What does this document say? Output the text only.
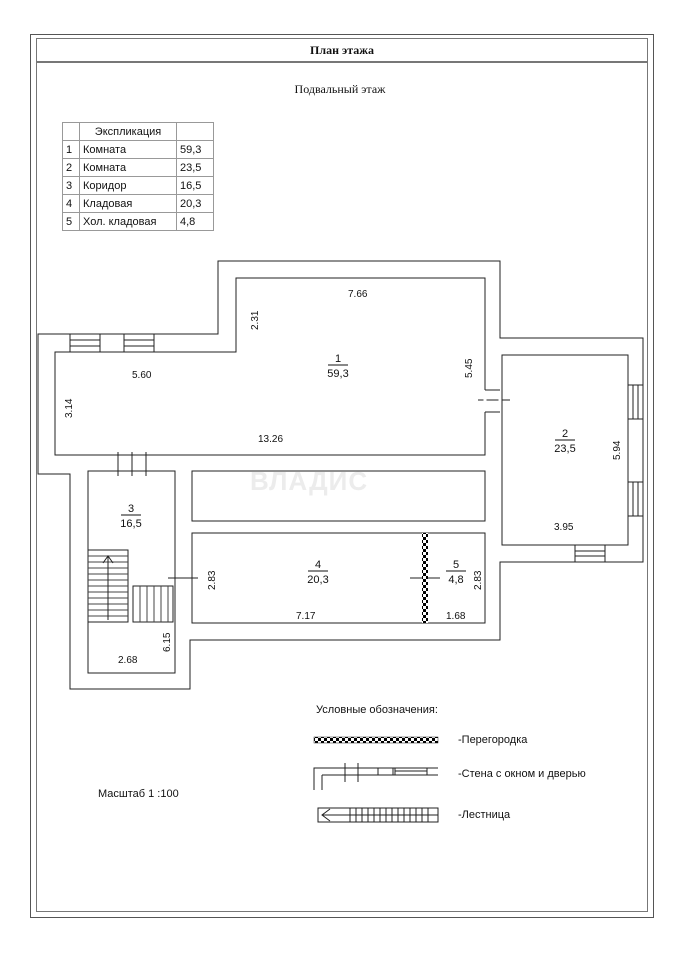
План этажа
Подвальный этаж
	Экспликация	
1	Комната	59,3
2	Комната	23,5
3	Коридор	16,5
4	Кладовая	20,3
5	Хол. кладовая	4,8
ВЛАДИС
1
59,3
2
23,5
3
16,5
4
20,3
5
4,8
7.66
2.31
5.60
3.14
5.45
13.26
5.94
3.95
2.83
7.17
2.83
1.68
2.68
6.15
Условные обозначения:
-Перегородка
-Стена с окном и дверью
-Лестница
Масштаб 1 :100
